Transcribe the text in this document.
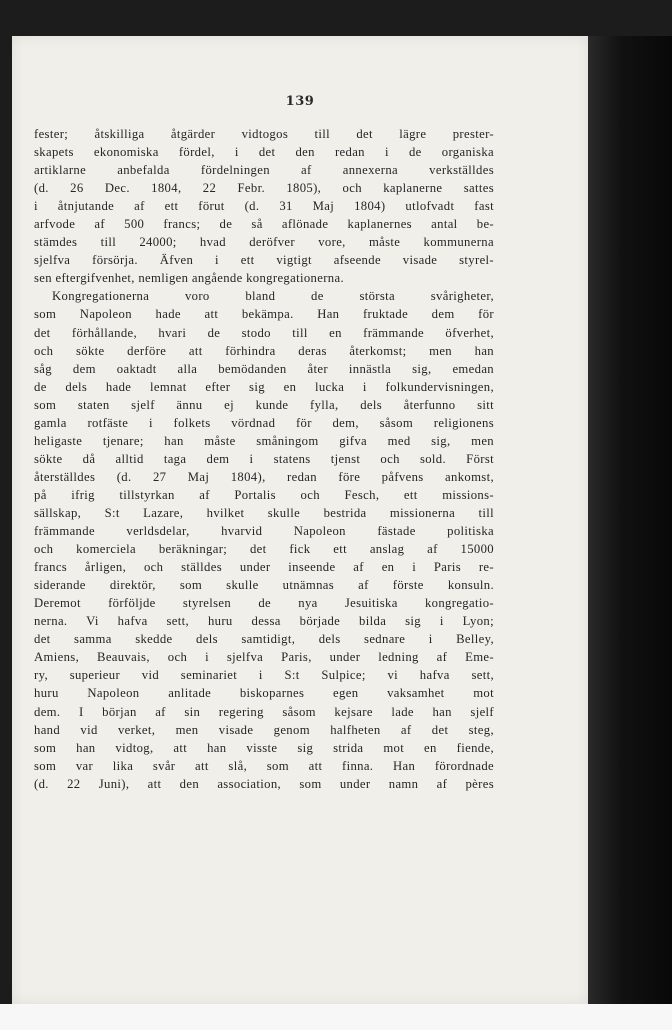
139
fester; åtskilliga åtgärder vidtogos till det lägre prester-
skapets ekonomiska fördel, i det den redan i de organiska
artiklarne anbefalda fördelningen af annexerna verkställdes
(d. 26 Dec. 1804, 22 Febr. 1805), och kaplanerne sattes
i åtnjutande af ett förut (d. 31 Maj 1804) utlofvadt fast
arfvode af 500 francs; de så aflönade kaplanernes antal be-
stämdes till 24000; hvad deröfver vore, måste kommunerna
sjelfva försörja. Äfven i ett vigtigt afseende visade styrel-
sen eftergifvenhet, nemligen angående kongregationerna.
Kongregationerna voro bland de största svårigheter,
som Napoleon hade att bekämpa. Han fruktade dem för
det förhållande, hvari de stodo till en främmande öfverhet,
och sökte derföre att förhindra deras återkomst; men han
såg dem oaktadt alla bemödanden åter innästla sig, emedan
de dels hade lemnat efter sig en lucka i folkundervisningen,
som staten sjelf ännu ej kunde fylla, dels återfunno sitt
gamla rotfäste i folkets vördnad för dem, såsom religionens
heligaste tjenare; han måste småningom gifva med sig, men
sökte då alltid taga dem i statens tjenst och sold. Först
återställdes (d. 27 Maj 1804), redan före påfvens ankomst,
på ifrig tillstyrkan af Portalis och Fesch, ett missions-
sällskap, S:t Lazare, hvilket skulle bestrida missionerna till
främmande verldsdelar, hvarvid Napoleon fästade politiska
och komerciela beräkningar; det fick ett anslag af 15000
francs årligen, och ställdes under inseende af en i Paris re-
siderande direktör, som skulle utnämnas af förste konsuln.
Deremot förföljde styrelsen de nya Jesuitiska kongregatio-
nerna. Vi hafva sett, huru dessa började bilda sig i Lyon;
det samma skedde dels samtidigt, dels sednare i Belley,
Amiens, Beauvais, och i sjelfva Paris, under ledning af Eme-
ry, superieur vid seminariet i S:t Sulpice; vi hafva sett,
huru Napoleon anlitade biskoparnes egen vaksamhet mot
dem. I början af sin regering såsom kejsare lade han sjelf
hand vid verket, men visade genom halfheten af det steg,
som han vidtog, att han visste sig strida mot en fiende,
som var lika svår att slå, som att finna. Han förordnade
(d. 22 Juni), att den association, som under namn af pères
